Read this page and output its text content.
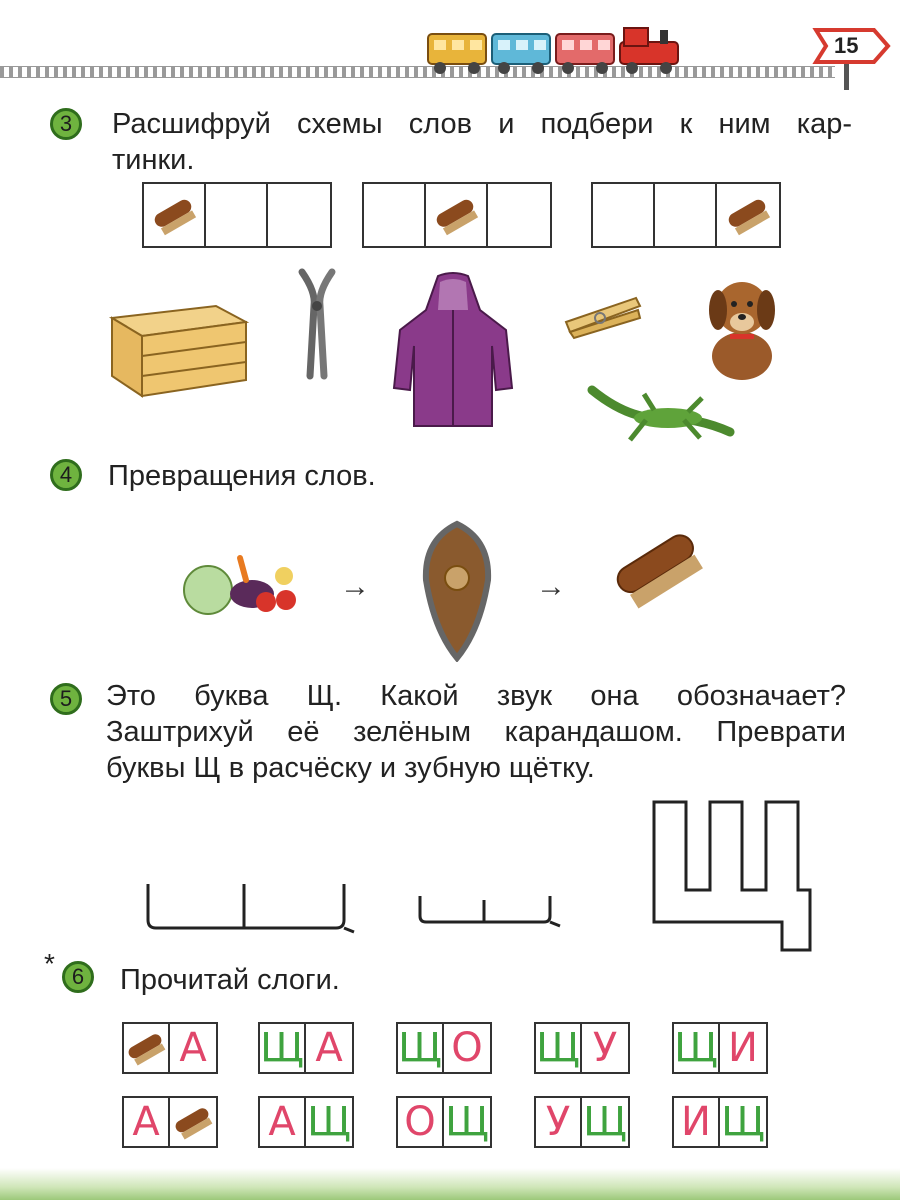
15
3	Расшифруй схемы слов и подбери к ним кар-
тинки.
4	Превращения слов.
→	→
5	Это буква Щ. Какой звук она обозначает?
Заштрихуй её зелёным карандашом. Преврати
буквы Щ в расчёску и зубную щётку.
* 6	Прочитай слоги.
А Щ А Щ О Щ У Щ И
А	А Щ О Щ У Щ И Щ
